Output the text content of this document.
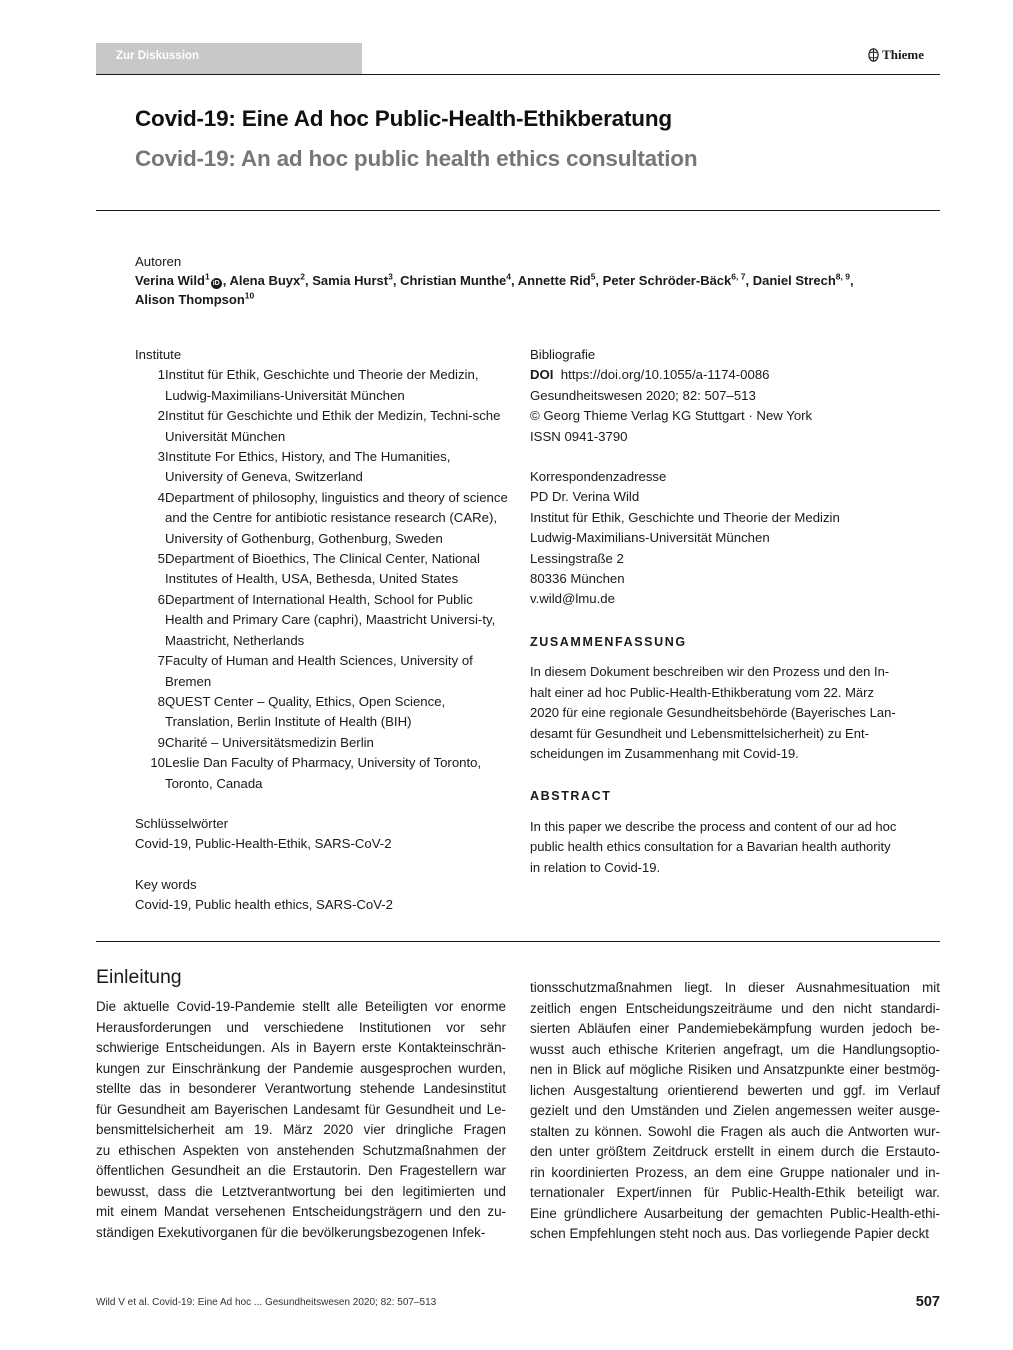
Zur Diskussion	Thieme
Covid-19: Eine Ad hoc Public-Health-Ethikberatung
Covid-19: An ad hoc public health ethics consultation
Autoren
Verina Wild$^1$iD , Alena Buyx$^2$, Samia Hurst$^3$, Christian Munthe$^4$, Annette Rid$^5$, Peter Schröder-Bäck$^{6, 7}$, Daniel Strech$^{8, 9}$,
Alison Thompson$^{10}$

Institute

1 Institut für Ethik, Geschichte und Theorie der Medizin, Ludwig-Maximilians-Universität München
2 Institut für Geschichte und Ethik der Medizin, Techni-sche Universität München
3 Institute For Ethics, History, and The Humanities, University of Geneva, Switzerland
4 Department of philosophy, linguistics and theory of science and the Centre for antibiotic resistance research (CARe), University of Gothenburg, Gothenburg, Sweden
5 Department of Bioethics, The Clinical Center, National Institutes of Health, USA, Bethesda, United States
6 Department of International Health, School for Public Health and Primary Care (caphri), Maastricht Universi-ty, Maastricht, Netherlands
7 Faculty of Human and Health Sciences, University of Bremen
8 QUEST Center – Quality, Ethics, Open Science, Translation, Berlin Institute of Health (BIH)
9 Charité – Universitätsmedizin Berlin
10 Leslie Dan Faculty of Pharmacy, University of Toronto, Toronto, Canada

Schlüsselwörter

Covid-19, Public-Health-Ethik, SARS-CoV-2

Key words

Covid-19, Public health ethics, SARS-CoV-2

Bibliografie

DOI https://doi.org/10.1055/a-1174-0086
Gesundheitswesen 2020; 82: 507–513
© Georg Thieme Verlag KG Stuttgart · New York
ISSN 0941-3790

Korrespondenzadresse

PD Dr. Verina Wild
Institut für Ethik, Geschichte und Theorie der Medizin
Ludwig-Maximilians-Universität München
Lessingstraße 2
80336 München
v.wild@lmu.de

ZUSAMMENFASSUNG

In diesem Dokument beschreiben wir den Prozess und den In-
halt einer ad hoc Public-Health-Ethikberatung vom 22. März
2020 für eine regionale Gesundheitsbehörde (Bayerisches Lan-
desamt für Gesundheit und Lebensmittelsicherheit) zu Ent-
scheidungen im Zusammenhang mit Covid-19.

ABSTRACT

In this paper we describe the process and content of our ad hoc
public health ethics consultation for a Bavarian health authority
in relation to Covid-19.
Einleitung
Die aktuelle Covid-19-Pandemie stellt alle Beteiligten vor enorme
Herausforderungen und verschiedene Institutionen vor sehr
schwierige Entscheidungen. Als in Bayern erste Kontakteinschrän-
kungen zur Einschränkung der Pandemie ausgesprochen wurden,
stellte das in besonderer Verantwortung stehende Landesinstitut
für Gesundheit am Bayerischen Landesamt für Gesundheit und Le-
bensmittelsicherheit am 19. März 2020 vier dringliche Fragen
zu ethischen Aspekten von anstehenden Schutzmaßnahmen der
öffentlichen Gesundheit an die Erstautorin. Den Fragestellern war
bewusst, dass die Letztverantwortung bei den legitimierten und
mit einem Mandat versehenen Entscheidungsträgern und den zu-
ständigen Exekutivorganen für die bevölkerungsbezogenen Infek-
tionsschutzmaßnahmen liegt. In dieser Ausnahmesituation mit
zeitlich engen Entscheidungszeiträume und den nicht standardi-
sierten Abläufen einer Pandemiebekämpfung wurden jedoch be-
wusst auch ethische Kriterien angefragt, um die Handlungsoptio-
nen in Blick auf mögliche Risiken und Ansatzpunkte einer bestmög-
lichen Ausgestaltung orientierend bewerten und ggf. im Verlauf
gezielt und den Umständen und Zielen angemessen weiter ausge-
stalten zu können. Sowohl die Fragen als auch die Antworten wur-
den unter größtem Zeitdruck erstellt in einem durch die Erstauto-
rin koordinierten Prozess, an dem eine Gruppe nationaler und in-
ternationaler Expert/innen für Public-Health-Ethik beteiligt war.
Eine gründlichere Ausarbeitung der gemachten Public-Health-ethi-
schen Empfehlungen steht noch aus. Das vorliegende Papier deckt
Wild V et al. Covid-19: Eine Ad hoc ... Gesundheitswesen 2020; 82: 507–513	507
